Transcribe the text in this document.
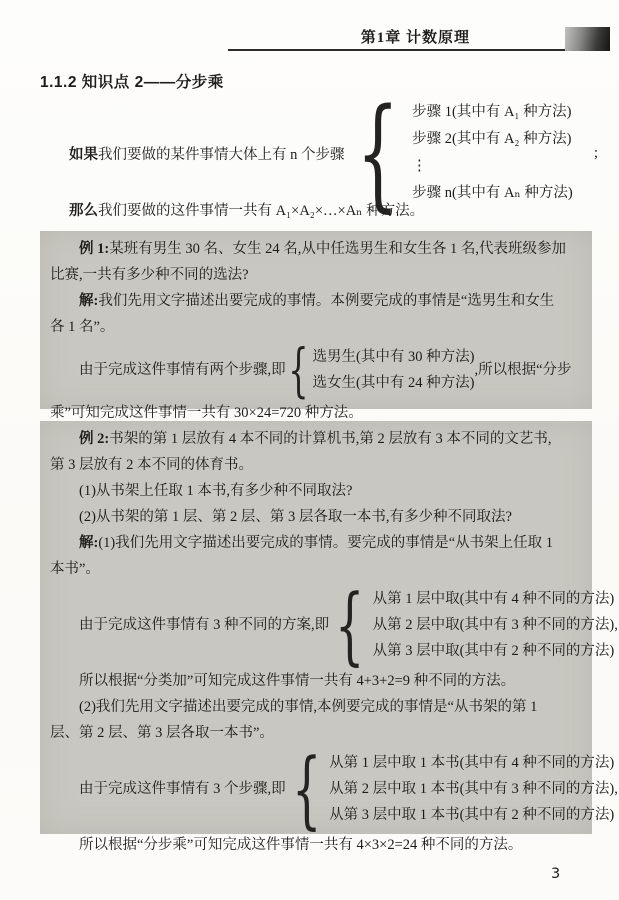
第1章 计数原理
1.1.2 知识点 2——分步乘
如果我们要做的某件事情大体上有 n 个步骤 { 步骤 1(其中有 A₁ 种方法)
步骤 2(其中有 A₂ 种方法)
⋮
步骤 n(其中有 Aₙ 种方法)
;
那么我们要做的这件事情一共有 A₁×A₂×…×Aₙ 种方法。
例 1:某班有男生 30 名、女生 24 名,从中任选男生和女生各 1 名,代表班级参加
比赛,一共有多少种不同的选法?
解:我们先用文字描述出要完成的事情。本例要完成的事情是“选男生和女生
各 1 名”。
由于完成这件事情有两个步骤,即 { 选男生(其中有 30 种方法)
选女生(其中有 24 种方法)
,所以根据“分步
乘”可知完成这件事情一共有 30×24=720 种方法。
例 2:书架的第 1 层放有 4 本不同的计算机书,第 2 层放有 3 本不同的文艺书,
第 3 层放有 2 本不同的体育书。
(1)从书架上任取 1 本书,有多少种不同取法?
(2)从书架的第 1 层、第 2 层、第 3 层各取一本书,有多少种不同取法?
解:(1)我们先用文字描述出要完成的事情。要完成的事情是“从书架上任取 1
本书”。
由于完成这件事情有 3 种不同的方案,即 { 从第 1 层中取(其中有 4 种不同的方法)
从第 2 层中取(其中有 3 种不同的方法),
从第 3 层中取(其中有 2 种不同的方法)
所以根据“分类加”可知完成这件事情一共有 4+3+2=9 种不同的方法。
(2)我们先用文字描述出要完成的事情,本例要完成的事情是“从书架的第 1
层、第 2 层、第 3 层各取一本书”。
由于完成这件事情有 3 个步骤,即 { 从第 1 层中取 1 本书(其中有 4 种不同的方法)
从第 2 层中取 1 本书(其中有 3 种不同的方法),
从第 3 层中取 1 本书(其中有 2 种不同的方法)
所以根据“分步乘”可知完成这件事情一共有 4×3×2=24 种不同的方法。
3
